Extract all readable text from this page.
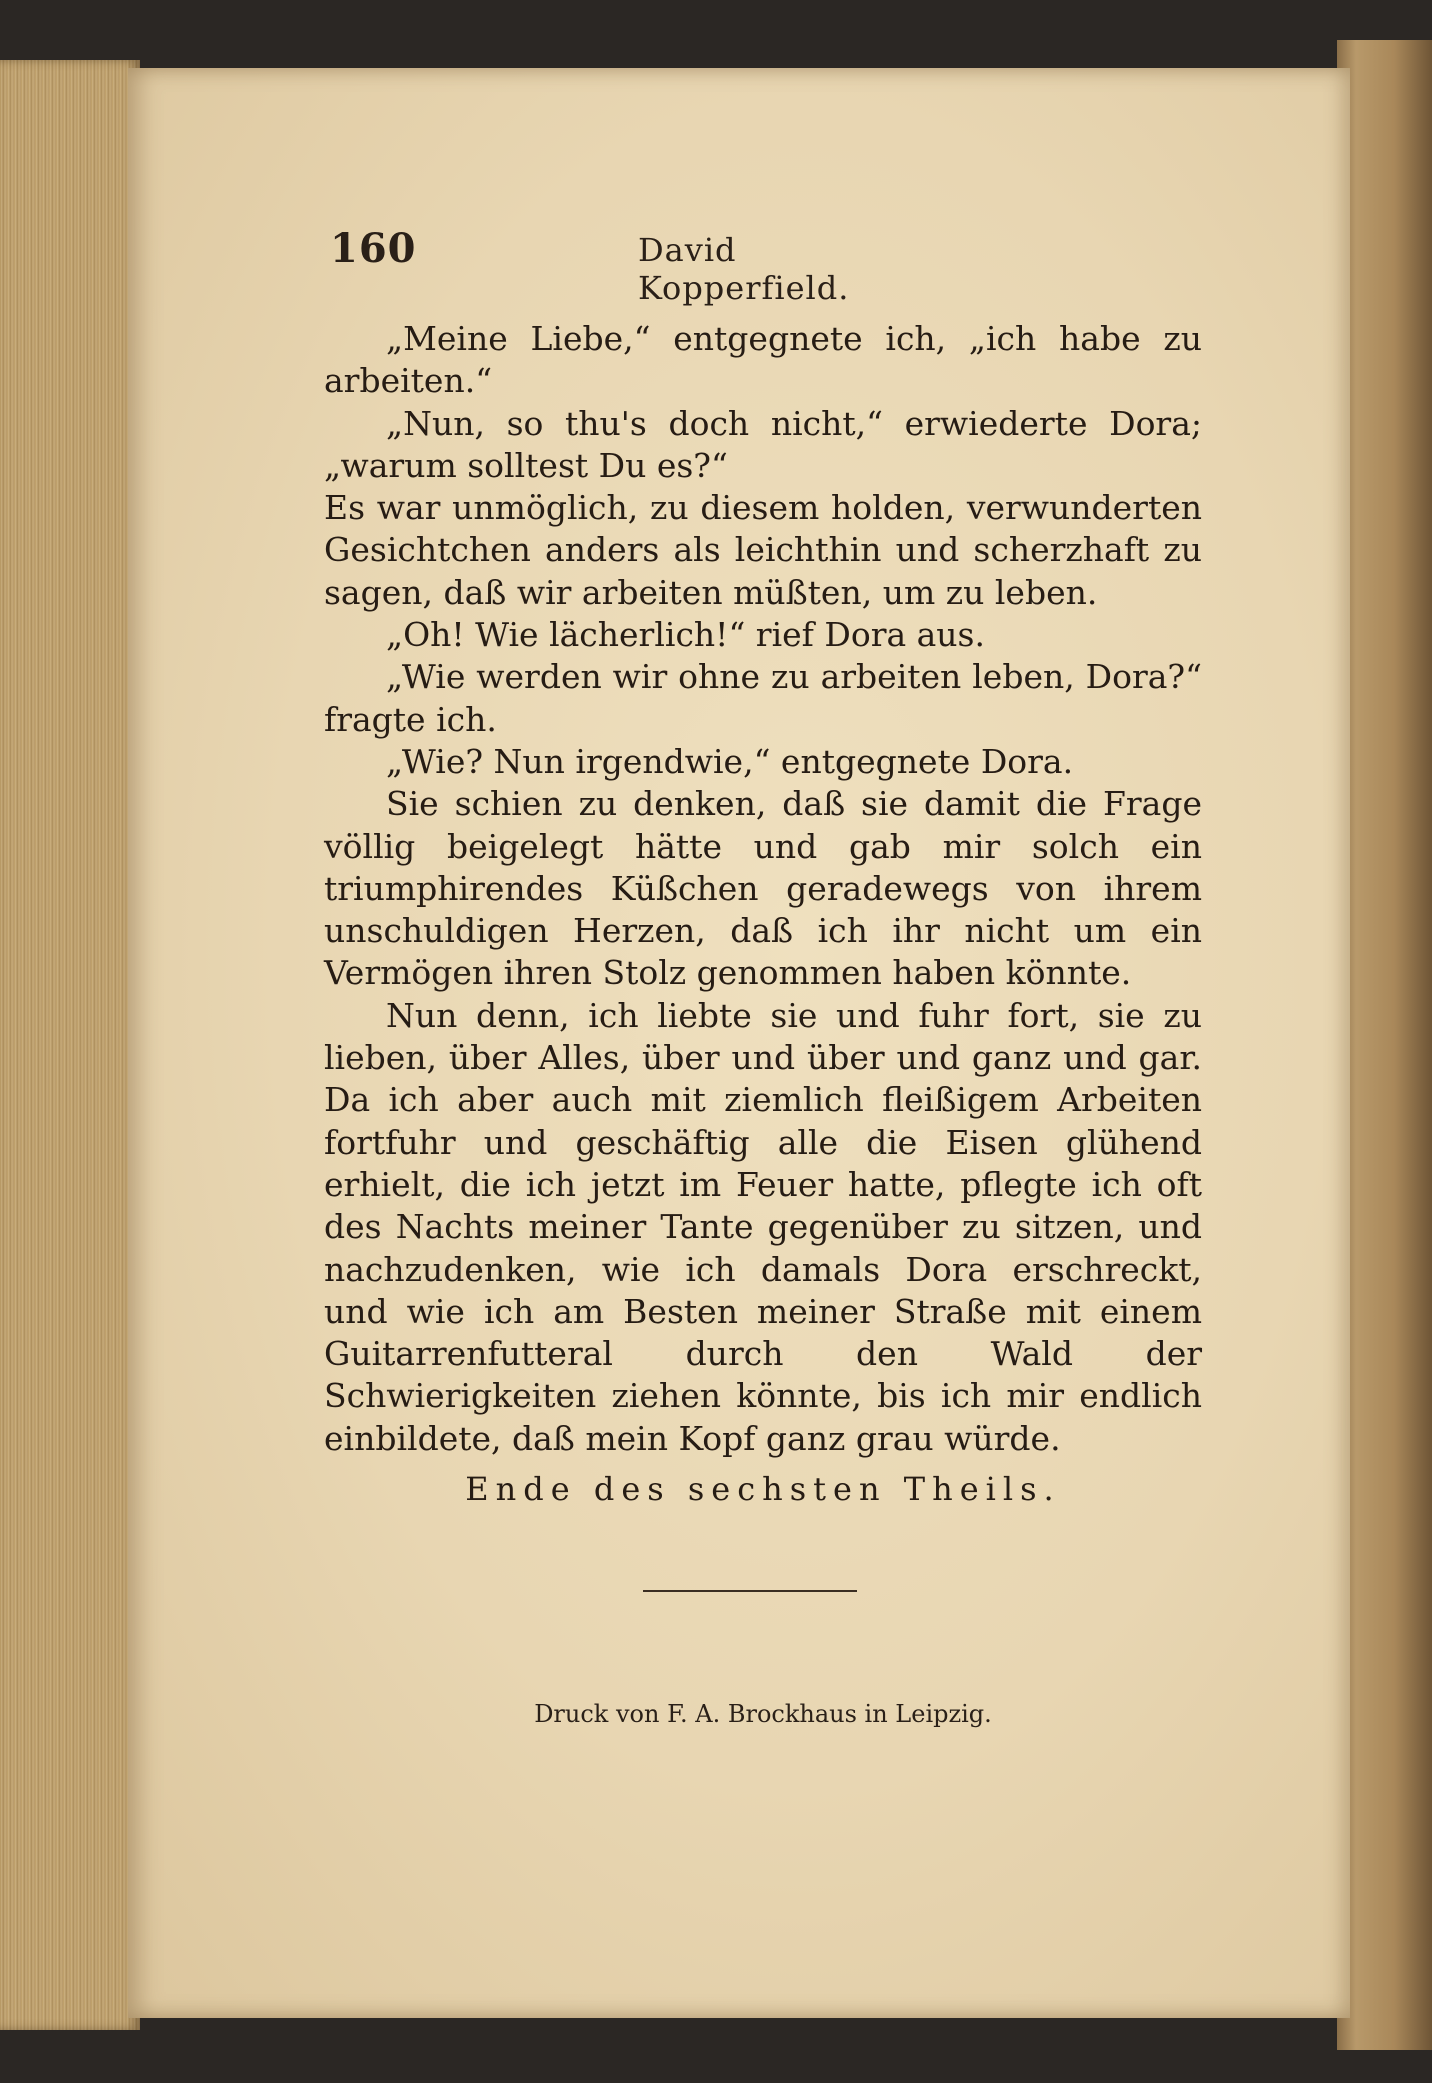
160	David Kopperfield.

„Meine Liebe,“ entgegnete ich, „ich habe zu arbeiten.“

„Nun, so thu's doch nicht,“ erwiederte Dora; „warum solltest Du es?“

Es war unmöglich, zu diesem holden, verwunderten Gesichtchen anders als leichthin und scherzhaft zu sagen, daß wir arbeiten müßten, um zu leben.

„Oh! Wie lächerlich!“ rief Dora aus.

„Wie werden wir ohne zu arbeiten leben, Dora?“ fragte ich.

„Wie? Nun irgendwie,“ entgegnete Dora.

Sie schien zu denken, daß sie damit die Frage völlig beigelegt hätte und gab mir solch ein triumphirendes Küßchen geradewegs von ihrem unschuldigen Herzen, daß ich ihr nicht um ein Vermögen ihren Stolz genommen haben könnte.

Nun denn, ich liebte sie und fuhr fort, sie zu lieben, über Alles, über und über und ganz und gar. Da ich aber auch mit ziemlich fleißigem Arbeiten fortfuhr und geschäftig alle die Eisen glühend erhielt, die ich jetzt im Feuer hatte, pflegte ich oft des Nachts meiner Tante gegenüber zu sitzen, und nachzudenken, wie ich damals Dora erschreckt, und wie ich am Besten meiner Straße mit einem Guitarrenfutteral durch den Wald der Schwierigkeiten ziehen könnte, bis ich mir endlich einbildete, daß mein Kopf ganz grau würde.

Ende des sechsten Theils.
Druck von F. A. Brockhaus in Leipzig.
